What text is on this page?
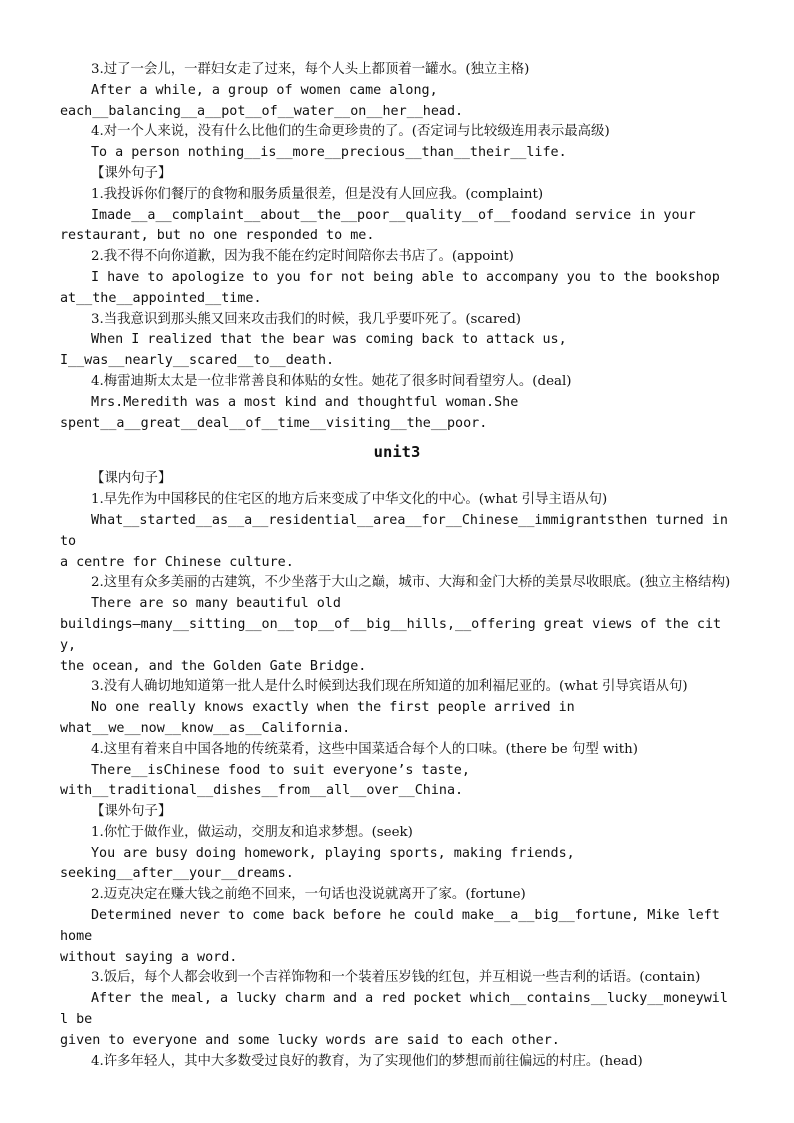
3.过了一会儿，一群妇女走了过来，每个人头上都顶着一罐水。(独立主格)

After a while, a group of women came along,

each__balancing__a__pot__of__water__on__her__head.

4.对一个人来说，没有什么比他们的生命更珍贵的了。(否定词与比较级连用表示最高级)

To a person nothing__is__more__precious__than__their__life.

【课外句子】

1.我投诉你们餐厅的食物和服务质量很差，但是没有人回应我。(complaint)

Imade__a__complaint__about__the__poor__quality__of__foodand service in your

restaurant, but no one responded to me.

2.我不得不向你道歉，因为我不能在约定时间陪你去书店了。(appoint)

I have to apologize to you for not being able to accompany you to the bookshop

at__the__appointed__time.

3.当我意识到那头熊又回来攻击我们的时候，我几乎要吓死了。(scared)

When I realized that the bear was coming back to attack us,

I__was__nearly__scared__to__death.

4.梅雷迪斯太太是一位非常善良和体贴的女性。她花了很多时间看望穷人。(deal)

Mrs.Meredith was a most kind and thoughtful woman.She

spent__a__great__deal__of__time__visiting__the__poor.

unit3

【课内句子】

1.早先作为中国移民的住宅区的地方后来变成了中华文化的中心。(what 引导主语从句)

What__started__as__a__residential__area__for__Chinese__immigrantsthen turned into

a centre for Chinese culture.

2.这里有众多美丽的古建筑，不少坐落于大山之巅，城市、大海和金门大桥的美景尽收眼底。(独立主格结构)

There are so many beautiful old

buildings—many__sitting__on__top__of__big__hills,__offering great views of the city,

the ocean, and the Golden Gate Bridge.

3.没有人确切地知道第一批人是什么时候到达我们现在所知道的加利福尼亚的。(what 引导宾语从句)

No one really knows exactly when the first people arrived in

what__we__now__know__as__California.

4.这里有着来自中国各地的传统菜肴，这些中国菜适合每个人的口味。(there be 句型 with)

There__isChinese food to suit everyone’s taste,

with__traditional__dishes__from__all__over__China.

【课外句子】

1.你忙于做作业，做运动，交朋友和追求梦想。(seek)

You are busy doing homework, playing sports, making friends,

seeking__after__your__dreams.

2.迈克决定在赚大钱之前绝不回来，一句话也没说就离开了家。(fortune)

Determined never to come back before he could make__a__big__fortune, Mike left home

without saying a word.

3.饭后，每个人都会收到一个吉祥饰物和一个装着压岁钱的红包，并互相说一些吉利的话语。(contain)

After the meal, a lucky charm and a red pocket which__contains__lucky__moneywill be

given to everyone and some lucky words are said to each other.

4.许多年轻人，其中大多数受过良好的教育，为了实现他们的梦想而前往偏远的村庄。(head)
